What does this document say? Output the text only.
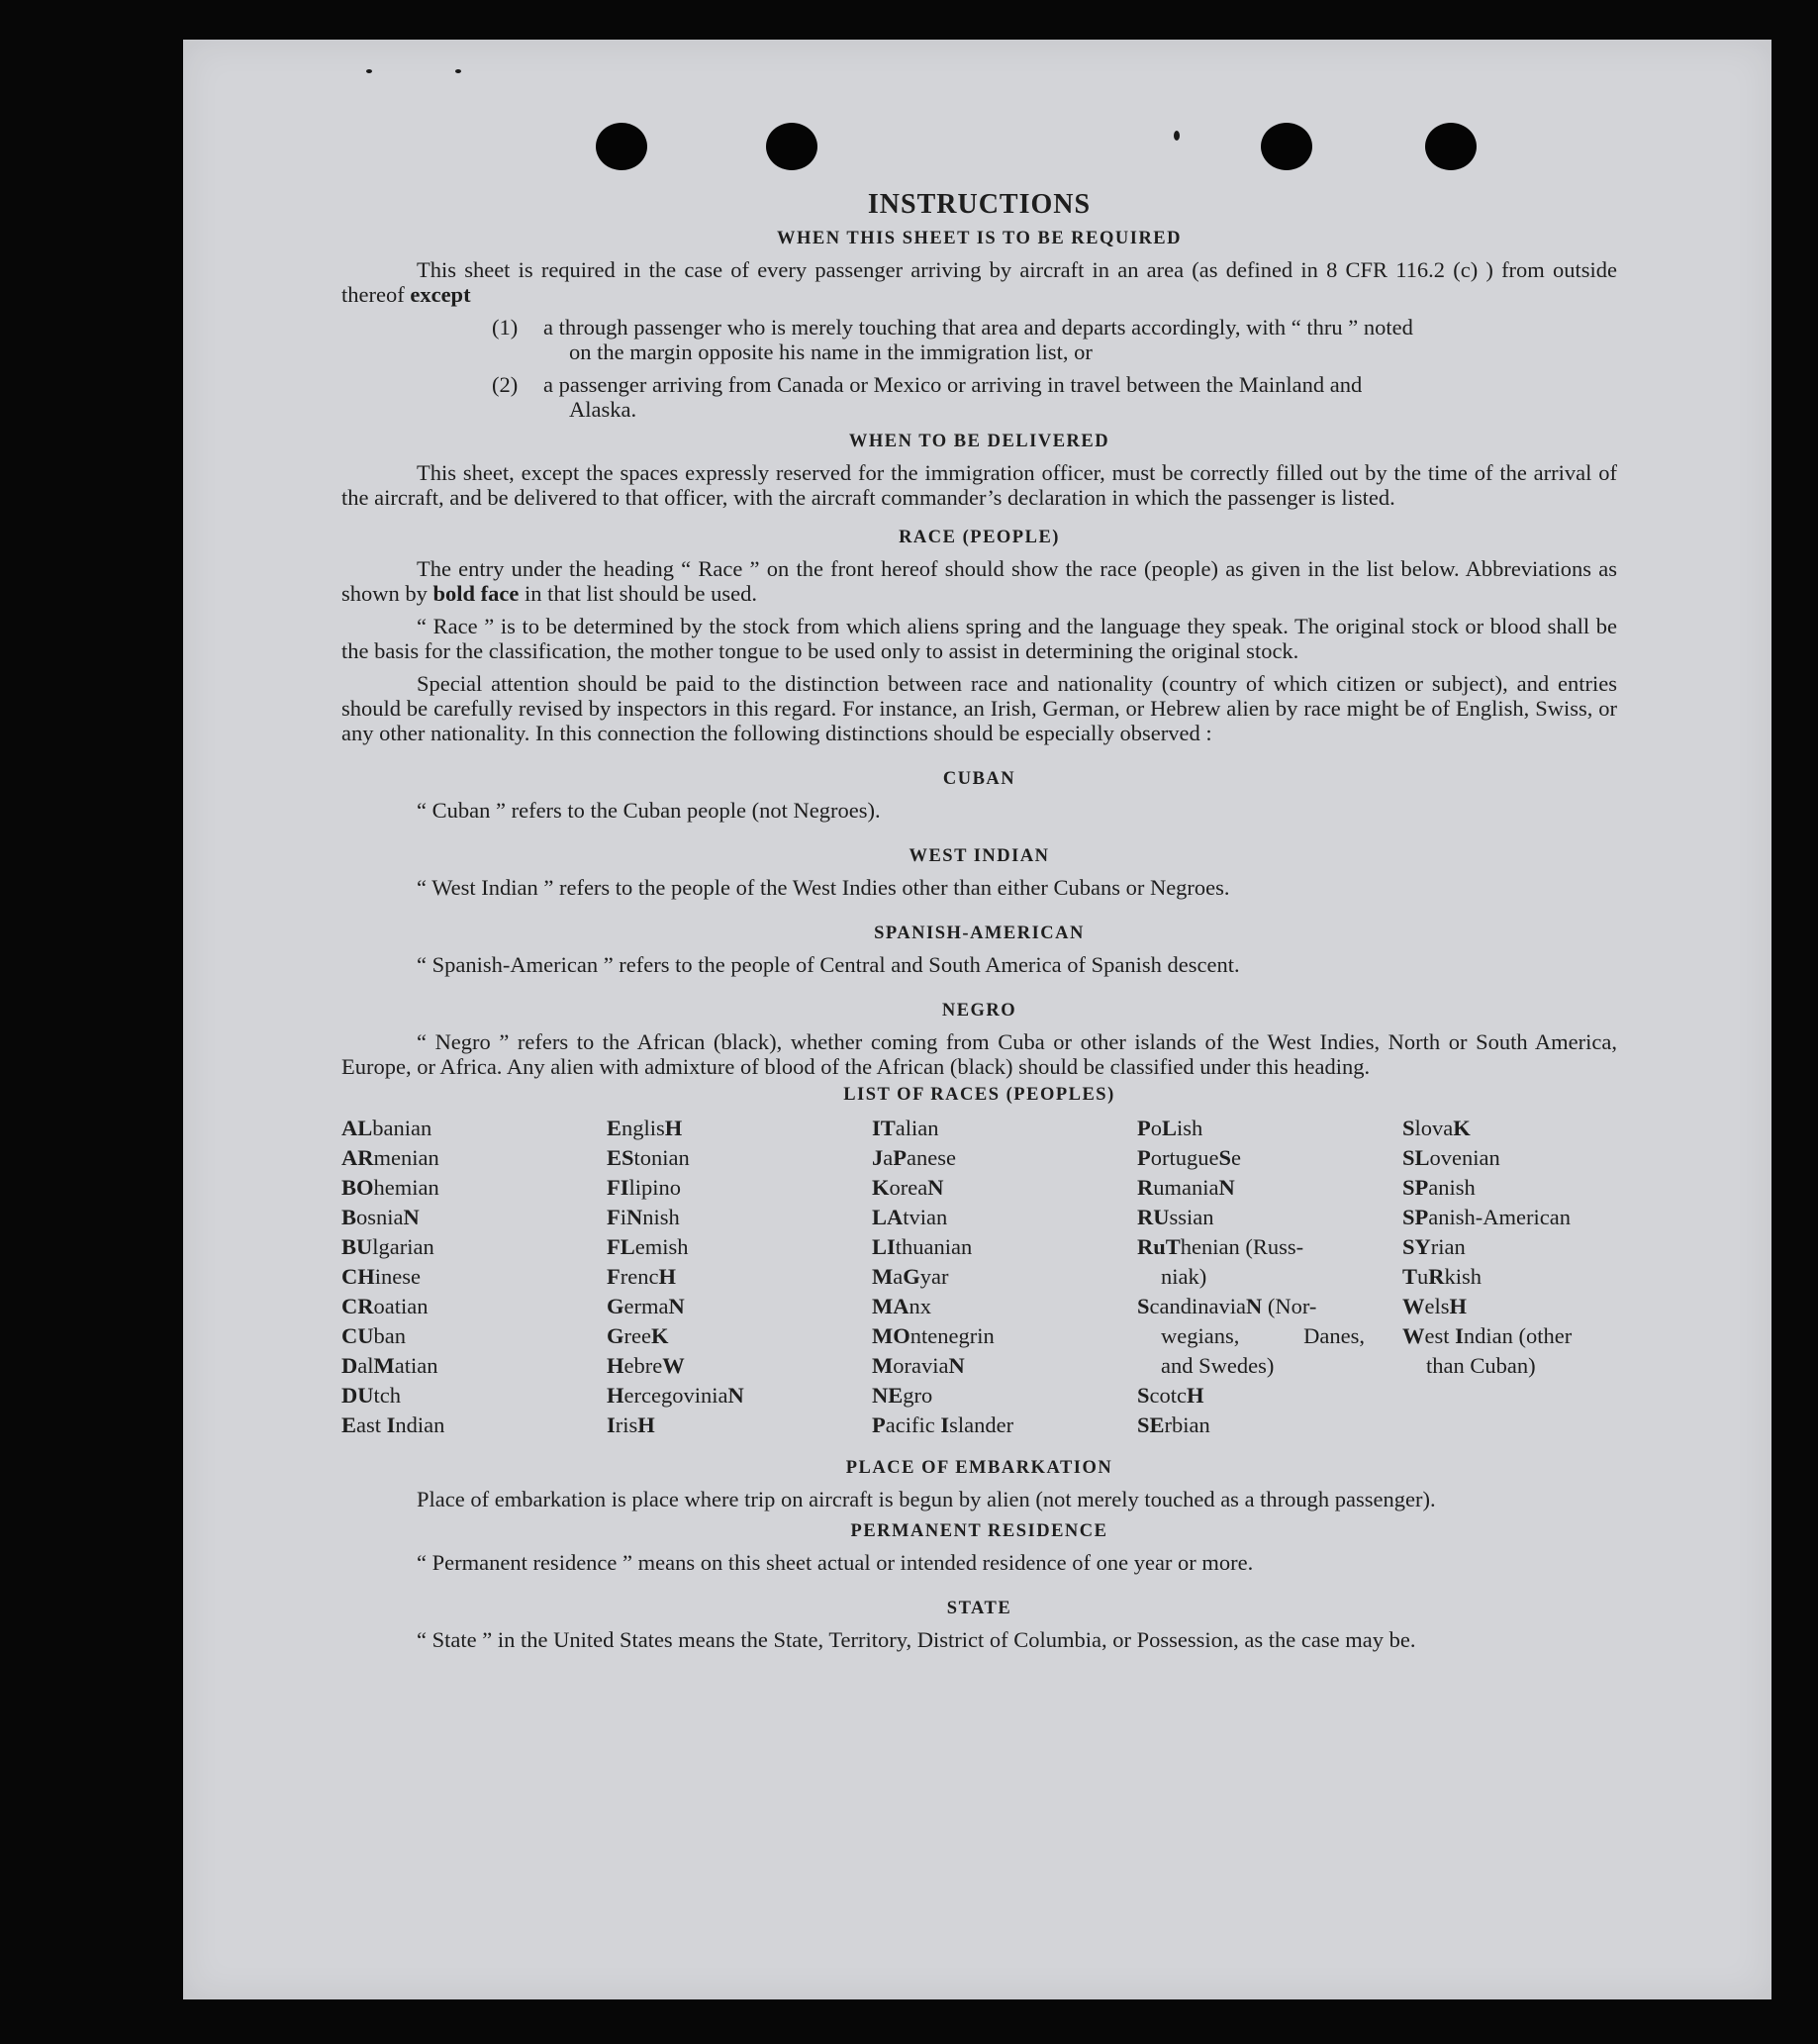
INSTRUCTIONS
WHEN THIS SHEET IS TO BE REQUIRED

This sheet is required in the case of every passenger arriving by aircraft in an area (as defined in 8 CFR 116.2 (c) ) from outside thereof except

(1)	a through passenger who is merely touching that area and departs accordingly, with “ thru ” noted
on the margin opposite his name in the immigration list, or
(2)	a passenger arriving from Canada or Mexico or arriving in travel between the Mainland and
Alaska.
WHEN TO BE DELIVERED

This sheet, except the spaces expressly reserved for the immigration officer, must be correctly filled out by the time of the arrival of the aircraft, and be delivered to that officer, with the aircraft commander’s declaration in which the passenger is listed.

RACE (PEOPLE)

The entry under the heading “ Race ” on the front hereof should show the race (people) as given in the list below. Abbreviations as shown by bold face in that list should be used.

“ Race ” is to be determined by the stock from which aliens spring and the language they speak. The original stock or blood shall be the basis for the classification, the mother tongue to be used only to assist in determining the original stock.

Special attention should be paid to the distinction between race and nationality (country of which citizen or subject), and entries should be carefully revised by inspectors in this regard. For instance, an Irish, German, or Hebrew alien by race might be of English, Swiss, or any other nationality. In this connection the following distinctions should be especially observed :

CUBAN

“ Cuban ” refers to the Cuban people (not Negroes).

WEST INDIAN

“ West Indian ” refers to the people of the West Indies other than either Cubans or Negroes.

SPANISH-AMERICAN

“ Spanish-American ” refers to the people of Central and South America of Spanish descent.

NEGRO

“ Negro ” refers to the African (black), whether coming from Cuba or other islands of the West Indies, North or South America, Europe, or Africa. Any alien with admixture of blood of the African (black) should be classified under this heading.

LIST OF RACES (PEOPLES)
ALbanian
ARmenian
BOhemian
BosniaN
BUlgarian
CHinese
CRoatian
CUban
DalMatian
DUtch
East Indian
EnglisH
EStonian
FIlipino
FiNnish
FLemish
FrencH
GermaN
GreeK
HebreW
HercegoviniaN
IrisH
ITalian
JaPanese
KoreaN
LAtvian
LIthuanian
MaGyar
MAnx
MOntenegrin
MoraviaN
NEgro
Pacific Islander
PoLish
PortugueSe
RumaniaN
RUssian
RuThenian (Russ-
niak)
ScandinaviaN (Nor-
wegians, Danes,
and Swedes)
ScotcH
SErbian
SlovaK
SLovenian
SPanish
SPanish-American
SYrian
TuRkish
WelsH
West Indian (other
than Cuban)
PLACE OF EMBARKATION

Place of embarkation is place where trip on aircraft is begun by alien (not merely touched as a through passenger).

PERMANENT RESIDENCE

“ Permanent residence ” means on this sheet actual or intended residence of one year or more.

STATE

“ State ” in the United States means the State, Territory, District of Columbia, or Possession, as the case may be.
